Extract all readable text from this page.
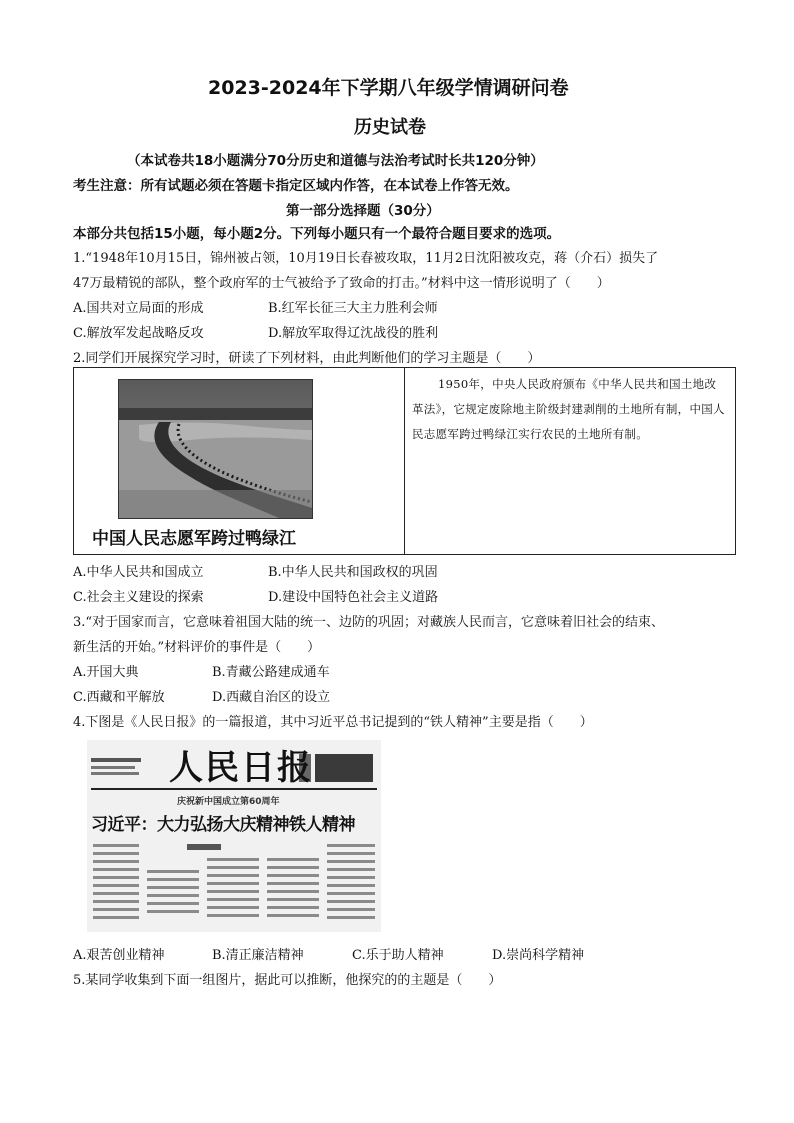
2023-2024年下学期八年级学情调研问卷
历史试卷
（本试卷共18小题满分70分历史和道德与法治考试时长共120分钟）
考生注意：所有试题必须在答题卡指定区域内作答，在本试卷上作答无效。
第一部分选择题（30分）
本部分共包括15小题，每小题2分。下列每小题只有一个最符合题目要求的选项。
1.“1948年10月15日，锦州被占领，10月19日长春被攻取，11月2日沈阳被攻克，蒋（介石）损失了
47万最精锐的部队，整个政府军的士气被给予了致命的打击。”材料中这一情形说明了（　　）
A.国共对立局面的形成	B.红军长征三大主力胜利会师
C.解放军发起战略反攻	D.解放军取得辽沈战役的胜利
2.同学们开展探究学习时，研读了下列材料，由此判断他们的学习主题是（　　）
中国人民志愿军跨过鸭绿江
1950年，中央人民政府颁布《中华人民共和国土地改革法》，它规定废除地主阶级封建剥削的土地所有制，中国人民志愿军跨过鸭绿江实行农民的土地所有制。
A.中华人民共和国成立	B.中华人民共和国政权的巩固
C.社会主义建设的探索	D.建设中国特色社会主义道路
3.“对于国家而言，它意味着祖国大陆的统一、边防的巩固；对藏族人民而言，它意味着旧社会的结束、
新生活的开始。”材料评价的事件是（　　）
A.开国大典	B.青藏公路建成通车
C.西藏和平解放	D.西藏自治区的设立
4.下图是《人民日报》的一篇报道，其中习近平总书记提到的“铁人精神”主要是指（　　）
人民日报
庆祝新中国成立第60周年
习近平：大力弘扬大庆精神铁人精神
A.艰苦创业精神	B.清正廉洁精神	C.乐于助人精神	D.崇尚科学精神
5.某同学收集到下面一组图片，据此可以推断，他探究的的主题是（　　）
